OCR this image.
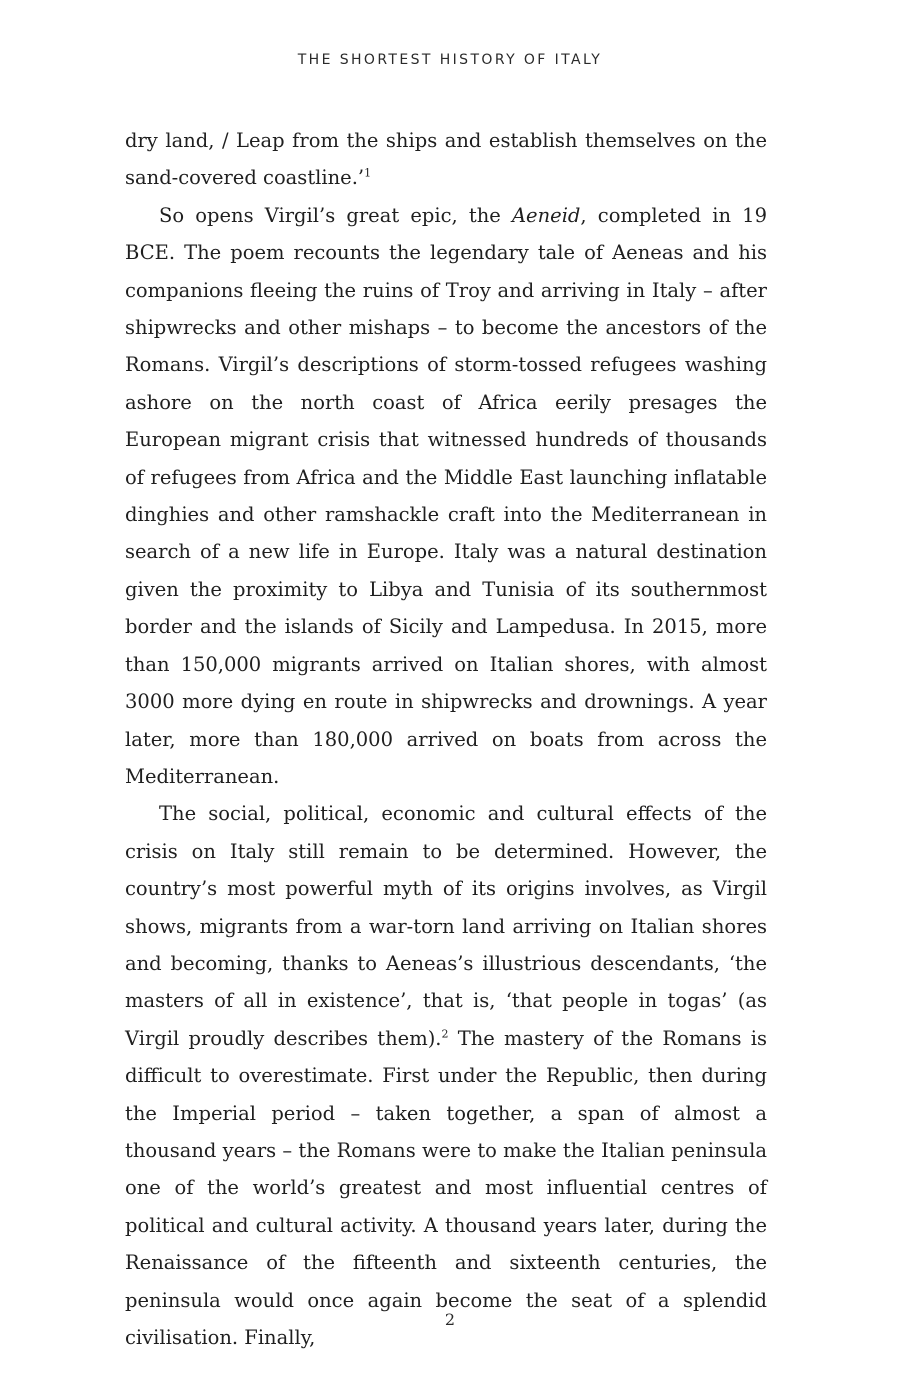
THE SHORTEST HISTORY OF ITALY

dry land, / Leap from the ships and establish themselves on the sand-covered coastline.’$^1$

So opens Virgil’s great epic, the Aeneid, completed in 19 BCE. The poem recounts the legendary tale of Aeneas and his companions fleeing the ruins of Troy and arriving in Italy – after shipwrecks and other mishaps – to become the ancestors of the Romans. Virgil’s descriptions of storm-tossed refugees washing ashore on the north coast of Africa eerily presages the European migrant crisis that witnessed hundreds of thousands of refugees from Africa and the Middle East launching inflatable dinghies and other ramshackle craft into the Mediterranean in search of a new life in Europe. Italy was a natural destination given the proximity to Libya and Tunisia of its southernmost border and the islands of Sicily and Lampedusa. In 2015, more than 150,000 migrants arrived on Italian shores, with almost 3000 more dying en route in shipwrecks and drownings. A year later, more than 180,000 arrived on boats from across the Mediterranean.

The social, political, economic and cultural effects of the crisis on Italy still remain to be determined. However, the country’s most powerful myth of its origins involves, as Virgil shows, migrants from a war-torn land arriving on Italian shores and becoming, thanks to Aeneas’s illustrious descendants, ‘the masters of all in existence’, that is, ‘that people in togas’ (as Virgil proudly describes them).$^2$ The mastery of the Romans is difficult to overestimate. First under the Republic, then during the Imperial period – taken together, a span of almost a thousand years – the Romans were to make the Italian peninsula one of the world’s greatest and most influential centres of political and cultural activity. A thousand years later, during the Renaissance of the fifteenth and sixteenth centuries, the peninsula would once again become the seat of a splendid civilisation. Finally,

2
